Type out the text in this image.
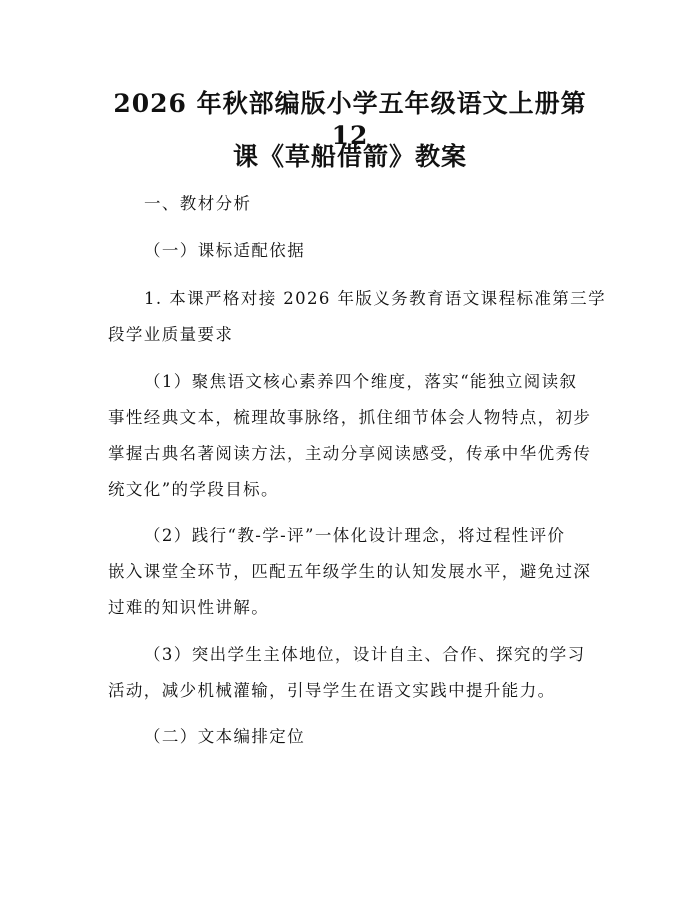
2026 年秋部编版小学五年级语文上册第 12
课《草船借箭》教案

一、教材分析

（一）课标适配依据

1. 本课严格对接 2026 年版义务教育语文课程标准第三学

段学业质量要求

（1）聚焦语文核心素养四个维度，落实“能独立阅读叙

事性经典文本，梳理故事脉络，抓住细节体会人物特点，初步

掌握古典名著阅读方法，主动分享阅读感受，传承中华优秀传

统文化”的学段目标。

（2）践行“教-学-评”一体化设计理念，将过程性评价

嵌入课堂全环节，匹配五年级学生的认知发展水平，避免过深

过难的知识性讲解。

（3）突出学生主体地位，设计自主、合作、探究的学习

活动，减少机械灌输，引导学生在语文实践中提升能力。

（二）文本编排定位
